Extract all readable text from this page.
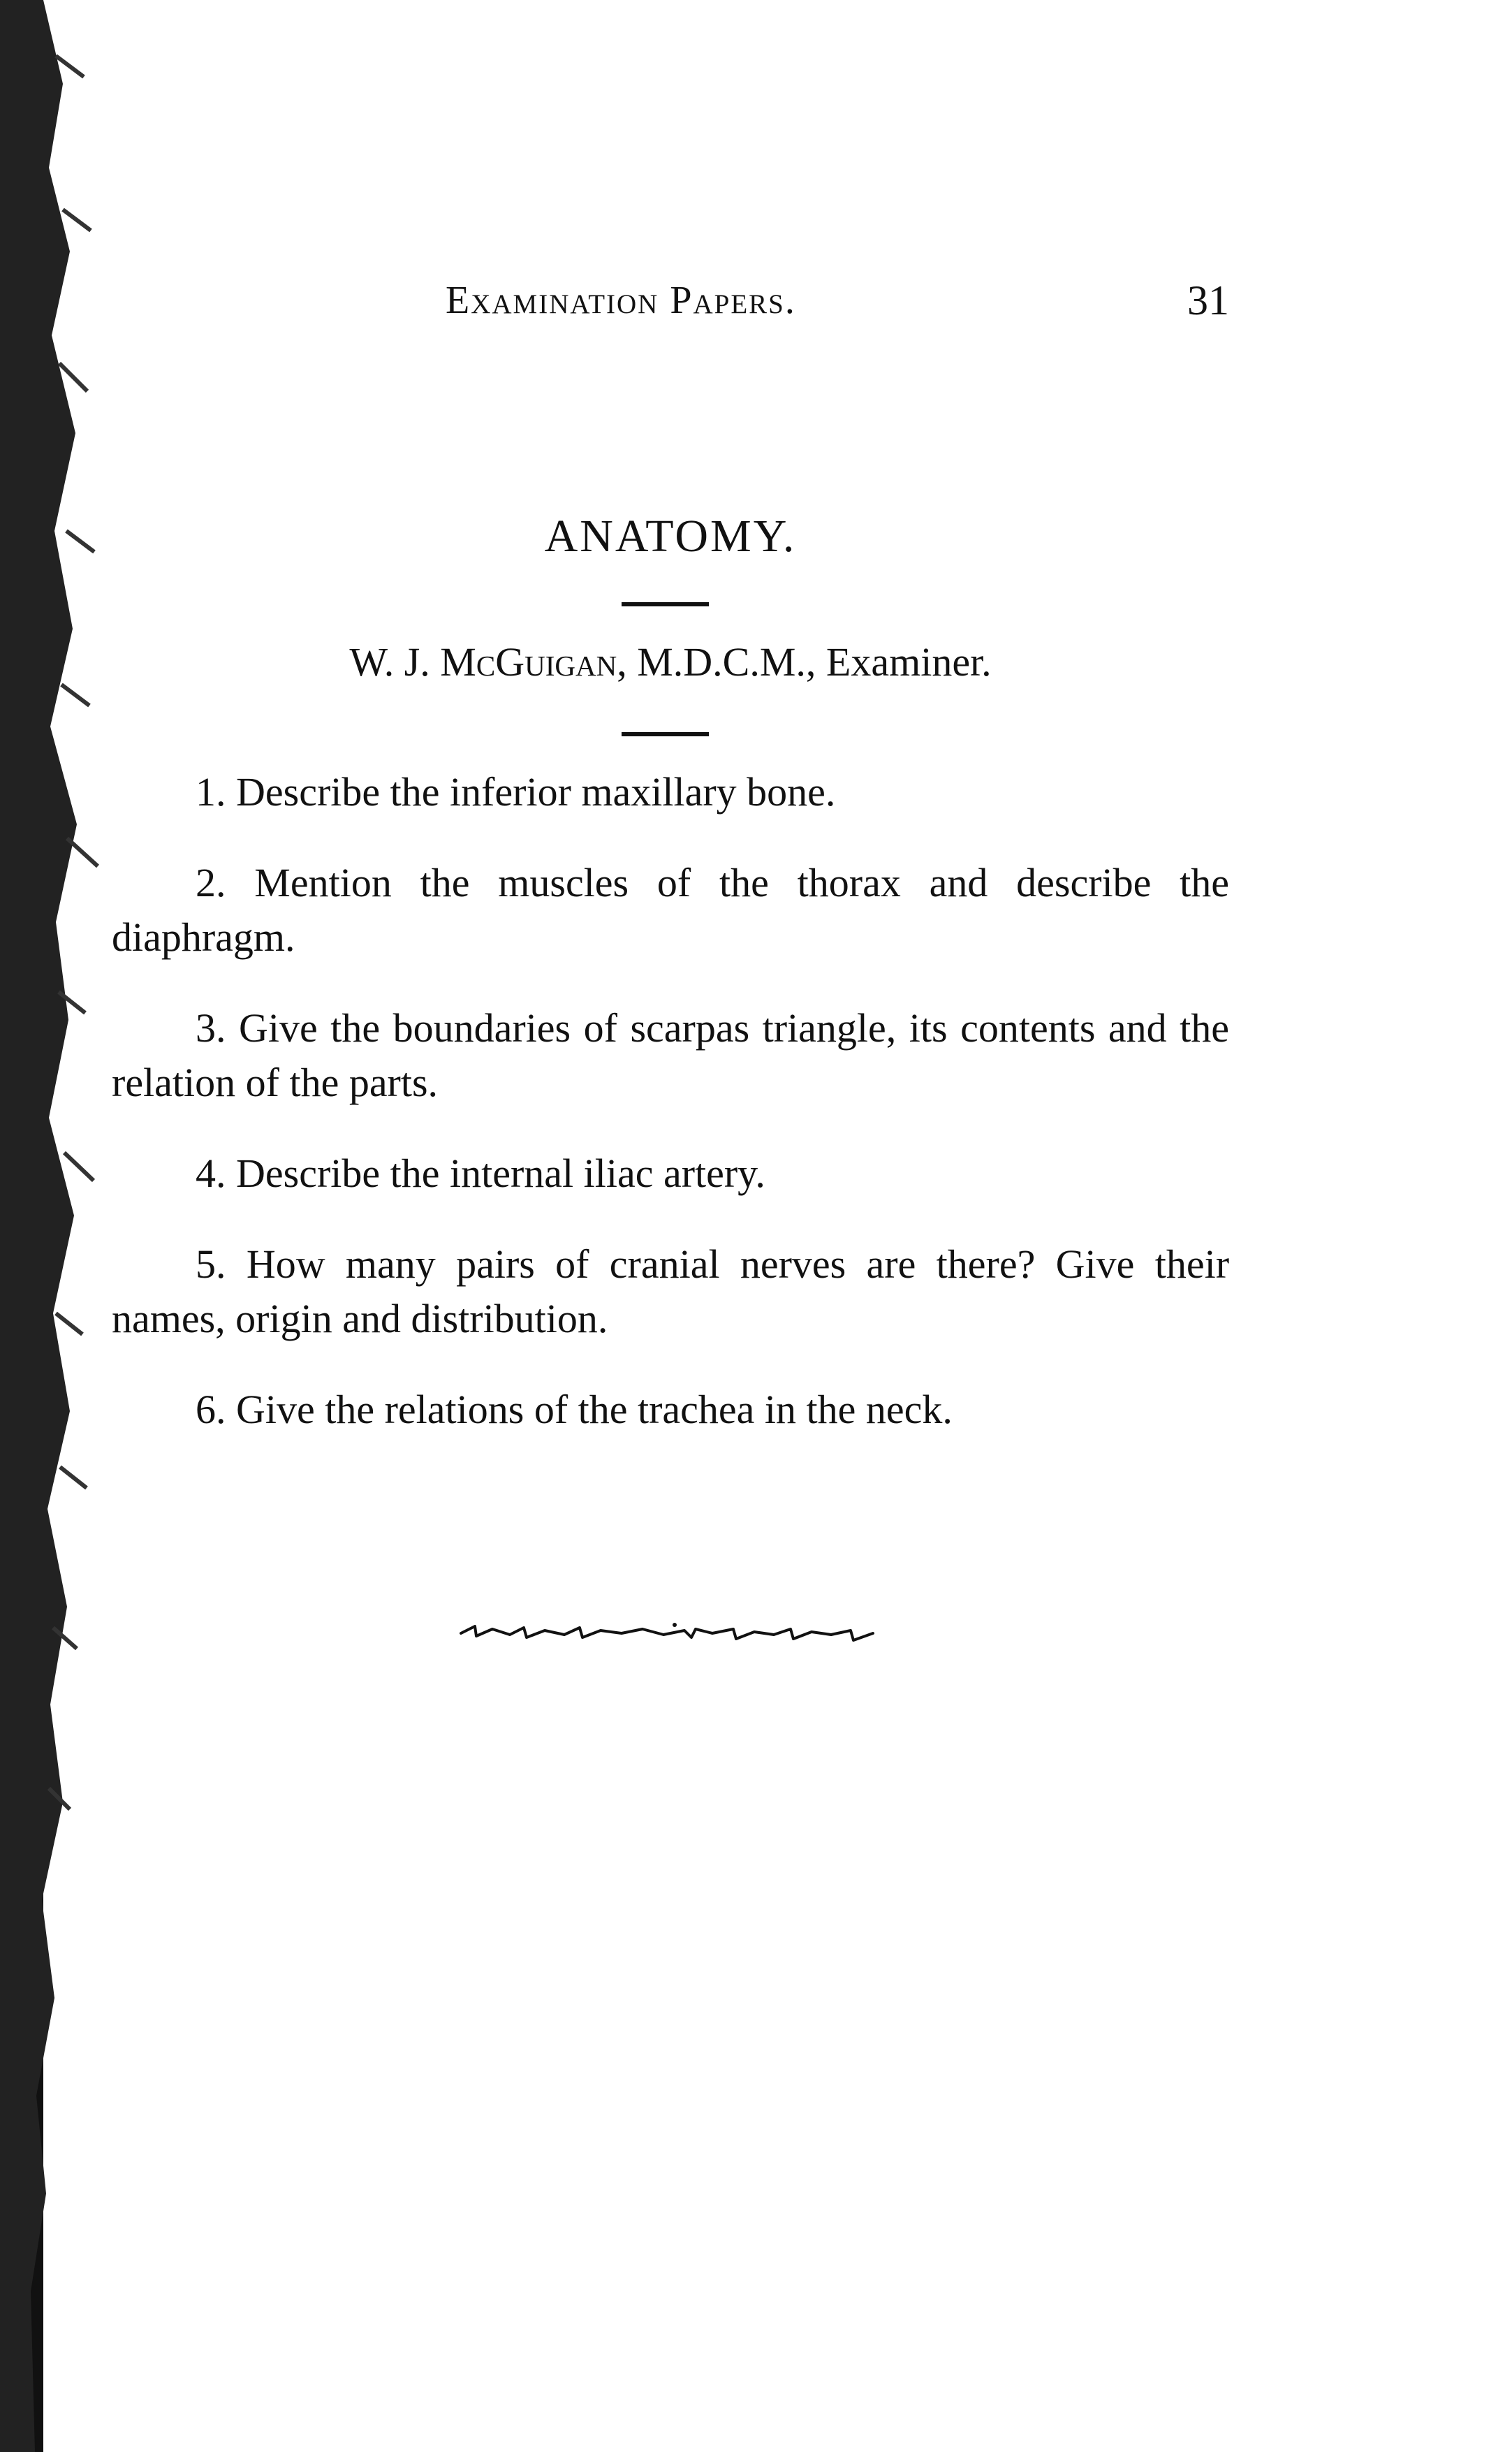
Examination Papers.	31
ANATOMY.
W. J. McGuigan, M.D.C.M., Examiner.
1. Describe the inferior maxillary bone.
2. Mention the muscles of the thorax and describe the diaphragm.
3. Give the boundaries of scarpas triangle, its contents and the relation of the parts.
4. Describe the internal iliac artery.
5. How many pairs of cranial nerves are there? Give their names, origin and distribution.
6. Give the relations of the trachea in the neck.
